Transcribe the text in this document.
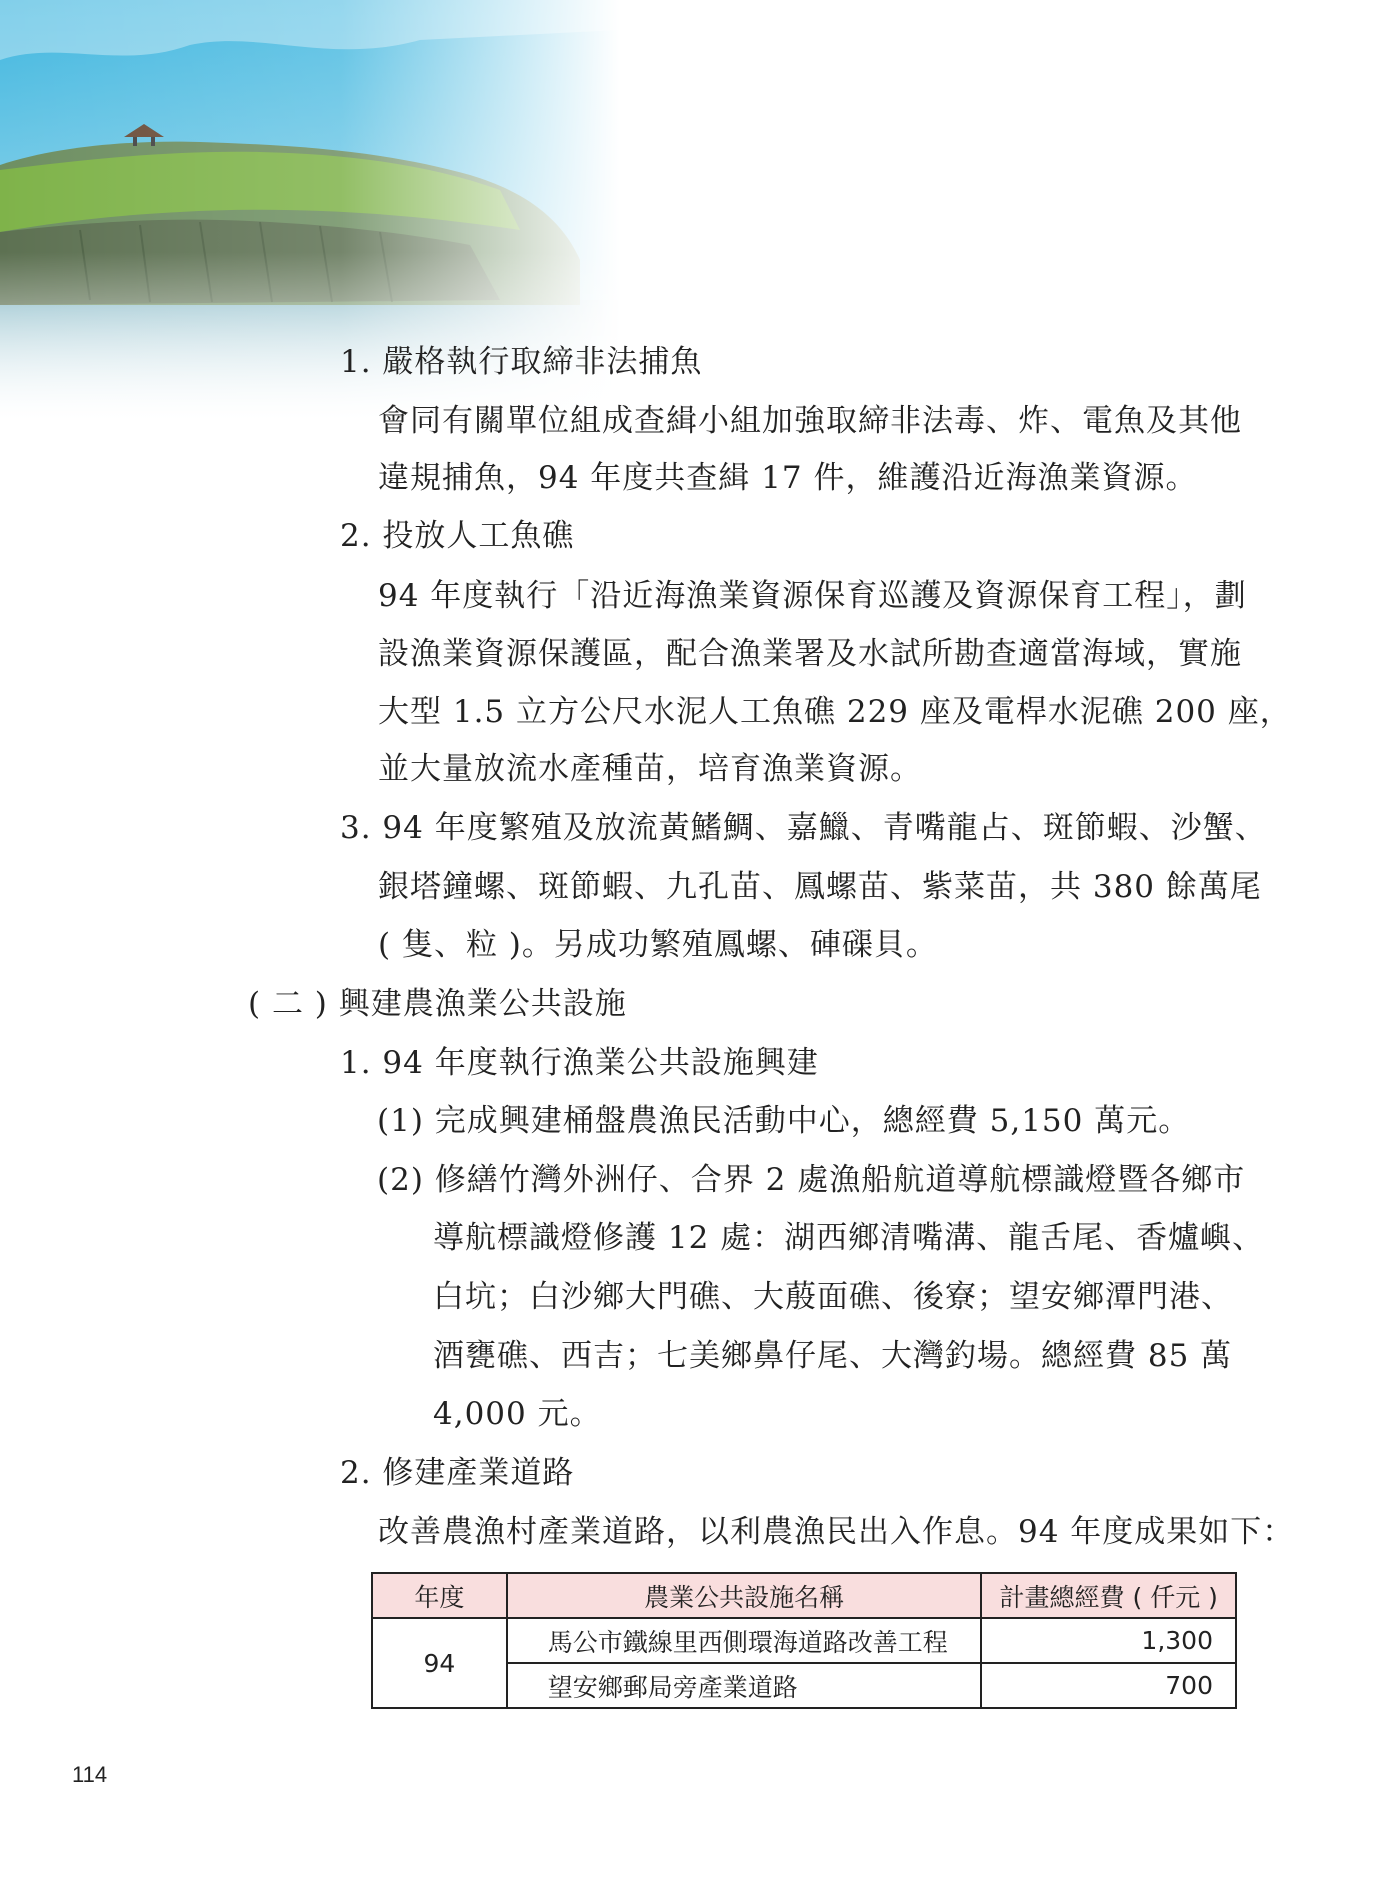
1. 嚴格執行取締非法捕魚
會同有關單位組成查緝小組加強取締非法毒、炸、電魚及其他
違規捕魚，94 年度共查緝 17 件，維護沿近海漁業資源。
2. 投放人工魚礁
94 年度執行「沿近海漁業資源保育巡護及資源保育工程」，劃
設漁業資源保護區，配合漁業署及水試所勘查適當海域，實施
大型 1.5 立方公尺水泥人工魚礁 229 座及電桿水泥礁 200 座，
並大量放流水產種苗，培育漁業資源。
3. 94 年度繁殖及放流黃鰭鯛、嘉鱲、青嘴龍占、斑節蝦、沙蟹、
銀塔鐘螺、斑節蝦、九孔苗、鳳螺苗、紫菜苗，共 380 餘萬尾
( 隻、粒 )。另成功繁殖鳳螺、硨磲貝。
( 二 ) 興建農漁業公共設施
1. 94 年度執行漁業公共設施興建
(1) 完成興建桶盤農漁民活動中心，總經費 5,150 萬元。
(2) 修繕竹灣外洲仔、合界 2 處漁船航道導航標識燈暨各鄉市
導航標識燈修護 12 處：湖西鄉清嘴溝、龍舌尾、香爐嶼、
白坑；白沙鄉大門礁、大蒑面礁、後寮；望安鄉潭門港、
酒甕礁、西吉；七美鄉鼻仔尾、大灣釣場。總經費 85 萬
4,000 元。
2. 修建產業道路
改善農漁村產業道路，以利農漁民出入作息。94 年度成果如下：
年度	農業公共設施名稱	計畫總經費 ( 仟元 )
94	馬公市鐵線里西側環海道路改善工程	1,300
	望安鄉郵局旁產業道路	700
114
